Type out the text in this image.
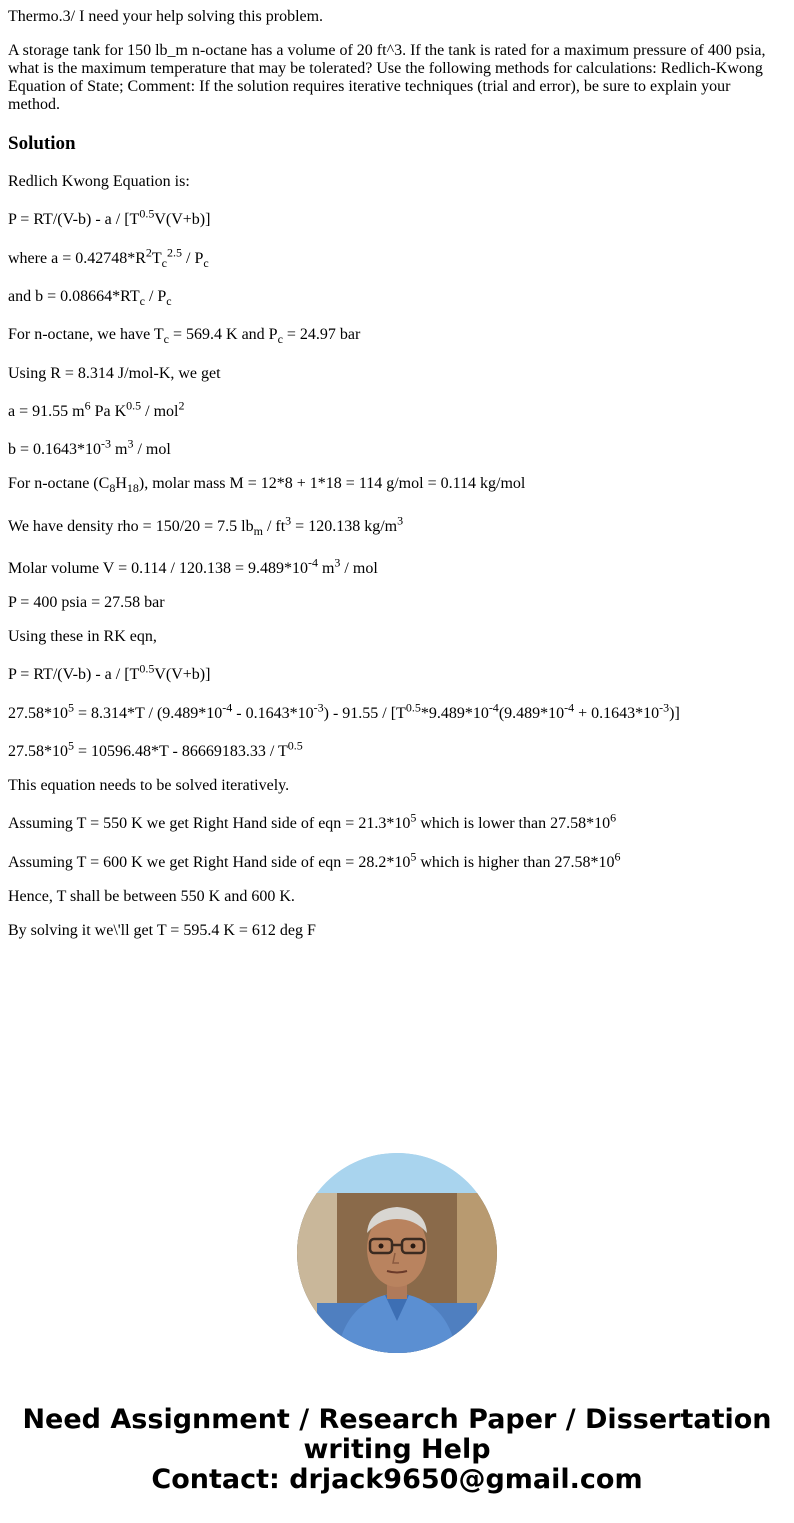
Thermo.3/ I need your help solving this problem.

A storage tank for 150 lb_m n-octane has a volume of 20 ft^3. If the tank is rated for a maximum pressure of 400 psia, what is the maximum temperature that may be tolerated? Use the following methods for calculations: Redlich-Kwong Equation of State; Comment: If the solution requires iterative techniques (trial and error), be sure to explain your method.

Solution
Redlich Kwong Equation is:
$P = RT/(V-b) - a / [T^{0.5}V(V+b)]$
where $a = 0.42748*R^2T_c^{2.5} / P_c$
and $b = 0.08664*RT_c / P_c$
For n-octane, we have $T_c = 569.4$ K and $P_c = 24.97$ bar
Using R = 8.314 J/mol-K, we get
a = 91.55 $m^6$ Pa $K^{0.5} / mol^2$
$b = 0.1643*10^{-3}$ $m^3$ / mol
For n-octane $(C_8H_{18})$, molar mass M = 12*8 + 1*18 = 114 g/mol = 0.114 kg/mol
We have density rho = 150/20 = 7.5 $lb_m / ft^3 = 120.138$ $kg/m^3$
Molar volume $V = 0.114 / 120.138 = 9.489*10^{-4}$ $m^3$ / mol
P = 400 psia = 27.58 bar
Using these in RK eqn,
$P = RT/(V-b) - a / [T^{0.5}V(V+b)]$
$27.58*10^5 = 8.314*T / (9.489*10^{-4} - 0.1643*10^{-3}) - 91.55 / [T^{0.5}*9.489*10^{-4}(9.489*10^{-4} + 0.1643*10^{-3})]$
$27.58*10^5 = 10596.48*T - 86669183.33 / T^{0.5}$
This equation needs to be solved iteratively.
Assuming T = 550 K we get Right Hand side of eqn = $21.3*10^5$ which is lower than $27.58*10^6$
Assuming T = 600 K we get Right Hand side of eqn = $28.2*10^5$ which is higher than $27.58*10^6$
Hence, T shall be between 550 K and 600 K.
By solving it we\'ll get T = 595.4 K = 612 deg F
Need Assignment / Research Paper / Dissertation
writing Help
Contact: drjack9650@gmail.com
